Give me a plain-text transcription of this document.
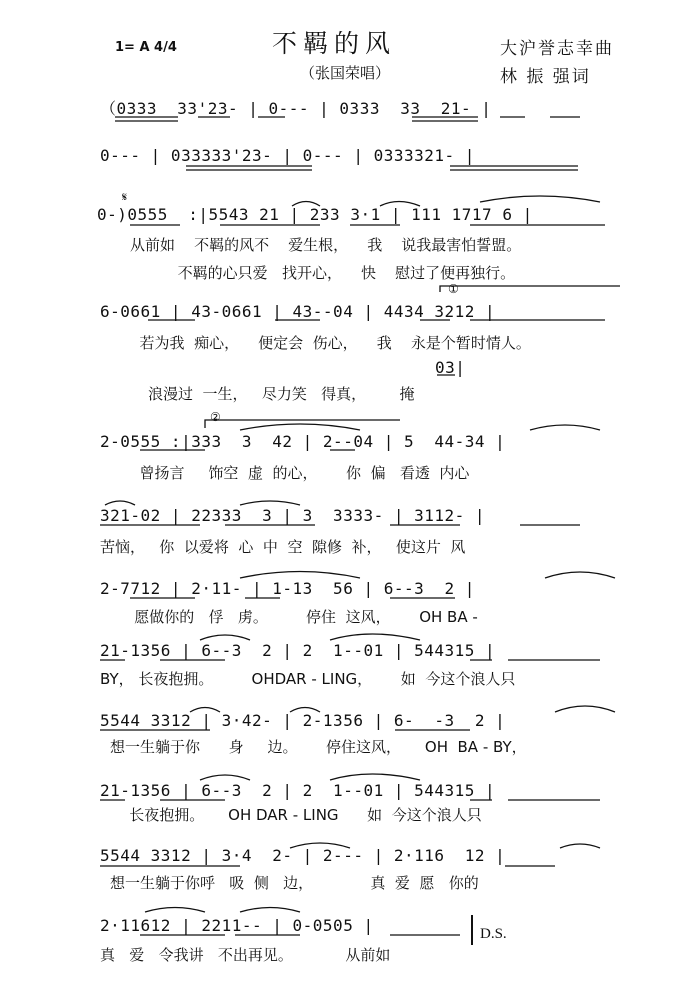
1= A 4/4	不羁的风
（张国荣唱）
大沪誉志幸曲
林 振 强词
（0333  33'23- | 0--- | 0333  33  21- |
0--- | 033333'23- | 0--- | 0333321- |
𝄋
0-)0555  :|5543 21 | 233 3·1 | 111 1717 6 |
从前如    不羁的风不    爱生根，    我    说我最害怕誓盟。
不羁的心只爱   找开心，    快    慰过了便再独行。
①
6-0661 | 43-0661 | 43--04 | 4434 3212 |
若为我  痴心，    便定会  伤心，    我    永是个暂时情人。
03|
浪漫过  一生，   尽力笑   得真，       掩
②
2-0555 :|333  3  42 | 2--04 | 5  44-34 |
曾扬言     饰空  虚  的心，      你  偏   看透  内心
321-02 | 22333  3 | 3  3333- | 3112- |
苦恼，   你  以爱将  心  中  空  隙修  补，   使这片  风
2-7712 | 2·11- | 1-13  56 | 6--3  2 |
愿做你的   俘   虏。        停住  这风，      OH BA -
21-1356 | 6--3  2 | 2  1--01 | 544315 |
BY， 长夜抱拥。        OHDAR - LING，      如  今这个浪人只
5544 3312 | 3·42- | 2-1356 | 6-  -3  2 |
想一生躺于你      身     边。      停住这风，     OH  BA - BY，
21-1356 | 6--3  2 | 2  1--01 | 544315 |
长夜抱拥。     OH DAR - LING      如  今这个浪人只
5544 3312 | 3·4  2- | 2--- | 2·116  12 |
想一生躺于你呼   吸  侧   边，            真  爱  愿   你的
2·11612 | 2211-- | 0-0505 |
真   爱   令我讲   不出再见。           从前如
D.S.
